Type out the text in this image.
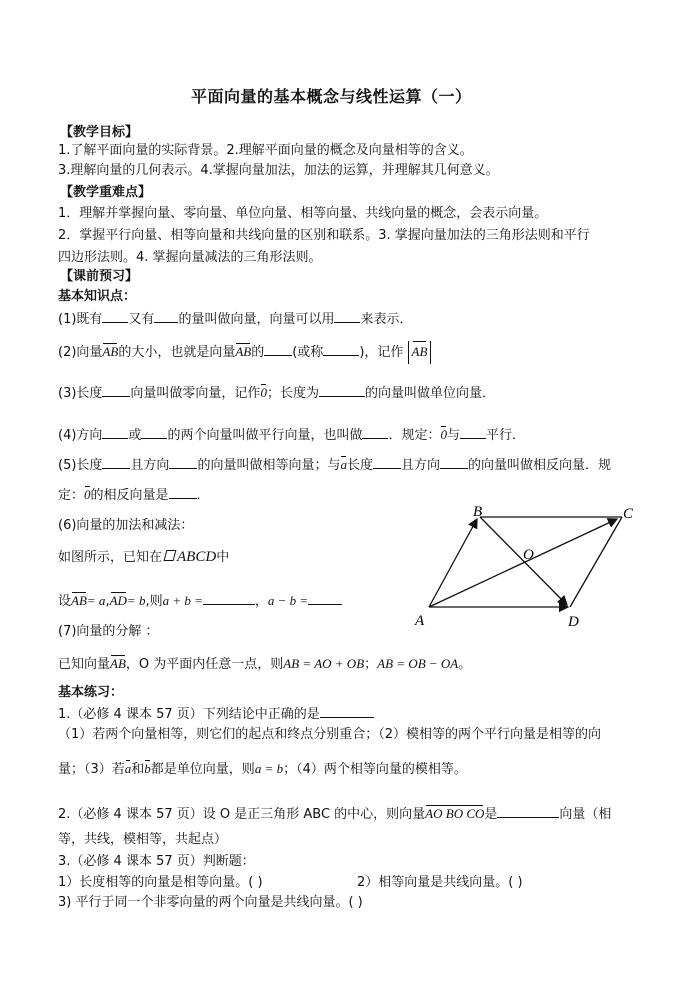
平面向量的基本概念与线性运算（一）
【教学目标】
1.了解平面向量的实际背景。2.理解平面向量的概念及向量相等的含义。
3.理解向量的几何表示。4.掌握向量加法，加法的运算，并理解其几何意义。
【教学重难点】
1．理解并掌握向量、零向量、单位向量、相等向量、共线向量的概念，会表示向量。
2．掌握平行向量、相等向量和共线向量的区别和联系。3. 掌握向量加法的三角形法则和平行
四边形法则。4. 掌握向量减法的三角形法则。
【课前预习】
基本知识点：
(1)既有 又有 的量叫做向量，向量可以用 来表示．
(2)向量AB的大小，也就是向量AB的 (或称	)，记作 AB
(3)长度 向量叫做零向量，记作0；长度为	的向量叫做单位向量．
(4)方向 或 的两个向量叫做平行向量，也叫做 ．规定：0与 平行．
(5)长度 且方向 的向量叫做相等向量；与a长度 且方向 的向量叫做相反向量．规
定：0的相反向量是 ．
(6)向量的加法和减法：
如图所示，已知在 ABCD中
设AB= a,AD= b,则a + b =	，a − b =
B	C
O
A	D
(7)向量的分解 ：
已知向量AB，O 为平面内任意一点，则AB = AO + OB；AB = OB − OA。
基本练习：
1.（必修 4 课本 57 页）下列结论中正确的是
（1）若两个向量相等，则它们的起点和终点分别重合；（2）模相等的两个平行向量是相等的向
量；（3）若a和b都是单位向量，则a = b；（4）两个相等向量的模相等。
2.（必修 4 课本 57 页）设 O 是正三角形 ABC 的中心，则向量AO BO CO是	向量（相
等，共线，模相等，共起点）
3.（必修 4 课本 57 页）判断题：
1）长度相等的向量是相等向量。( )	2）相等向量是共线向量。( )
3) 平行于同一个非零向量的两个向量是共线向量。( )
